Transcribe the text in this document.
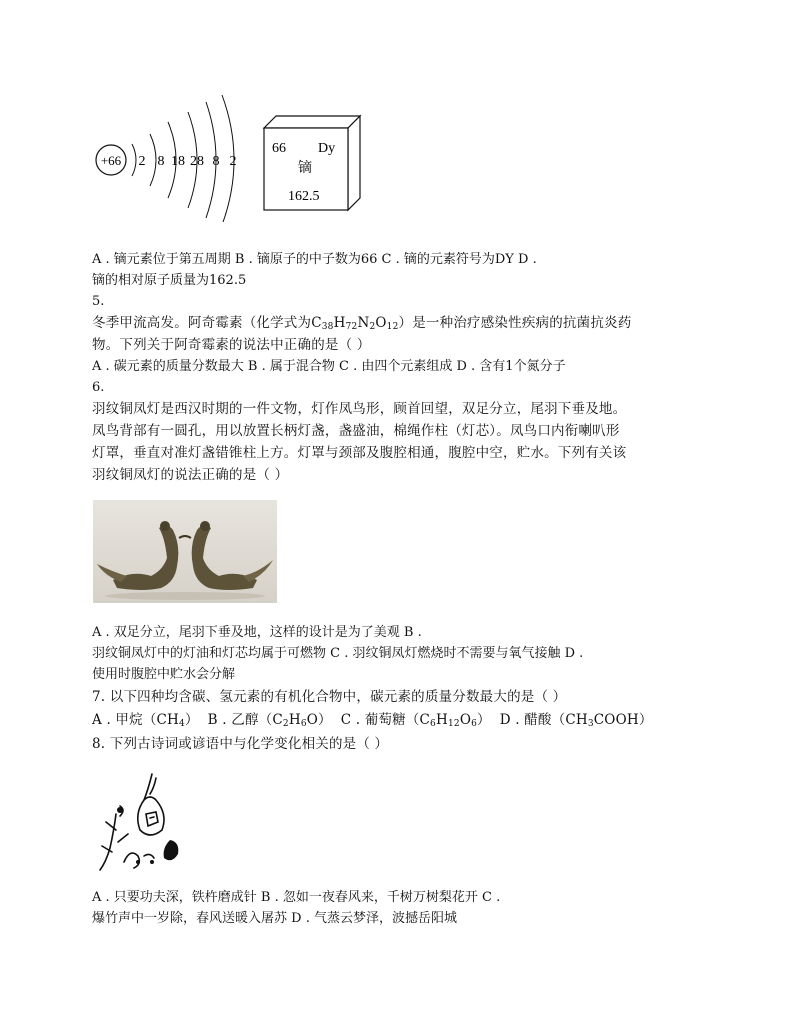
+66 2 8 18 28 8 2
66 Dy
镝
162.5
A . 镝元素位于第五周期 B . 镝原子的中子数为66 C . 镝的元素符号为DY D .
镝的相对原子质量为162.5
5.
冬季甲流高发。阿奇霉素（化学式为$C_{38}H_{72}N_2O_{12}$）是一种治疗感染性疾病的抗菌抗炎药
物。下列关于阿奇霉素的说法中正确的是（ ）
A . 碳元素的质量分数最大 B . 属于混合物 C . 由四个元素组成 D . 含有1个氮分子
6.
羽纹铜凤灯是西汉时期的一件文物，灯作凤鸟形，顾首回望，双足分立，尾羽下垂及地。
凤鸟背部有一圆孔，用以放置长柄灯盏，盏盛油，棉绳作柱（灯芯）。凤鸟口内衔喇叭形
灯罩，垂直对准灯盏错锥柱上方。灯罩与颈部及腹腔相通，腹腔中空，贮水。下列有关该
羽纹铜凤灯的说法正确的是（ ）
A . 双足分立，尾羽下垂及地，这样的设计是为了美观 B .
羽纹铜凤灯中的灯油和灯芯均属于可燃物 C . 羽纹铜凤灯燃烧时不需要与氧气接触 D .
使用时腹腔中贮水会分解
7. 以下四种均含碳、氢元素的有机化合物中，碳元素的质量分数最大的是（ ）
A . 甲烷$(CH_4)$ B . 乙醇$(C_2H_6O)$ C . 葡萄糖$(C_6H_{12}O_6)$ D . 醋酸$(CH_3COOH)$
8. 下列古诗词或谚语中与化学变化相关的是（ ）
A . 只要功夫深，铁杵磨成针 B . 忽如一夜春风来，千树万树梨花开 C .
爆竹声中一岁除，春风送暖入屠苏 D . 气蒸云梦泽，波撼岳阳城
